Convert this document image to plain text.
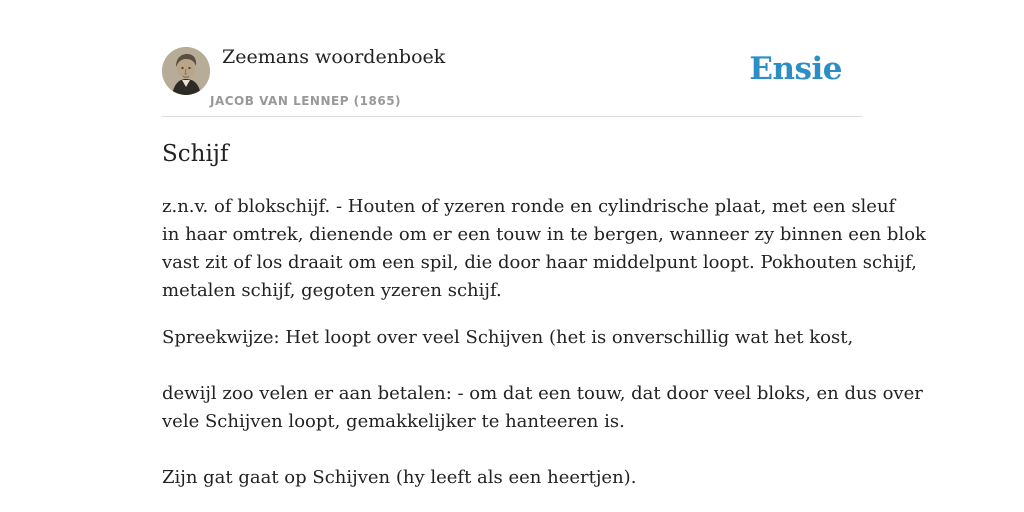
Zeemans woordenboek
JACOB VAN LENNEP (1865)
Ensie
Schijf

z.n.v. of blokschijf. - Houten of yzeren ronde en cylindrische plaat, met een sleuf

in haar omtrek, dienende om er een touw in te bergen, wanneer zy binnen een blok

vast zit of los draait om een spil, die door haar middelpunt loopt. Pokhouten schijf,

metalen schijf, gegoten yzeren schijf.

Spreekwijze: Het loopt over veel Schijven (het is onverschillig wat het kost,

dewijl zoo velen er aan betalen: - om dat een touw, dat door veel bloks, en dus over

vele Schijven loopt, gemakkelijker te hanteeren is.

Zijn gat gaat op Schijven (hy leeft als een heertjen).
